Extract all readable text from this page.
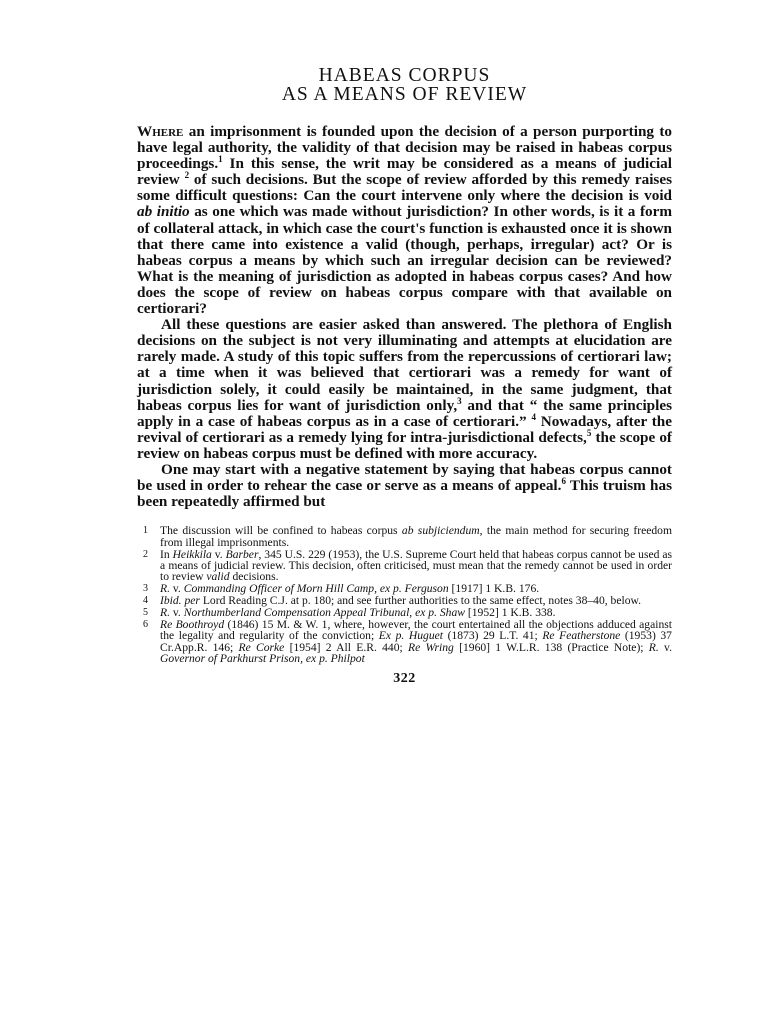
HABEAS CORPUS
AS A MEANS OF REVIEW

Where an imprisonment is founded upon the decision of a person purporting to have legal authority, the validity of that decision may be raised in habeas corpus proceedings.$^1$ In this sense, the writ may be considered as a means of judicial review $^2$ of such decisions. But the scope of review afforded by this remedy raises some difficult questions: Can the court intervene only where the decision is void ab initio as one which was made without jurisdiction? In other words, is it a form of collateral attack, in which case the court's function is exhausted once it is shown that there came into existence a valid (though, perhaps, irregular) act? Or is habeas corpus a means by which such an irregular decision can be reviewed? What is the meaning of jurisdiction as adopted in habeas corpus cases? And how does the scope of review on habeas corpus compare with that available on certiorari?

All these questions are easier asked than answered. The plethora of English decisions on the subject is not very illuminating and attempts at elucidation are rarely made. A study of this topic suffers from the repercussions of certiorari law; at a time when it was believed that certiorari was a remedy for want of jurisdiction solely, it could easily be maintained, in the same judgment, that habeas corpus lies for want of jurisdiction only,$^3$ and that “ the same principles apply in a case of habeas corpus as in a case of certiorari.” $^4$ Nowadays, after the revival of certiorari as a remedy lying for intra-jurisdictional defects,$^5$ the scope of review on habeas corpus must be defined with more accuracy.

One may start with a negative statement by saying that habeas corpus cannot be used in order to rehear the case or serve as a means of appeal.$^6$ This truism has been repeatedly affirmed but

1	The discussion will be confined to habeas corpus ab subjiciendum, the main method for securing freedom from illegal imprisonments.
2	In Heikkila v. Barber, 345 U.S. 229 (1953), the U.S. Supreme Court held that habeas corpus cannot be used as a means of judicial review. This decision, often criticised, must mean that the remedy cannot be used in order to review valid decisions.
3	R. v. Commanding Officer of Morn Hill Camp, ex p. Ferguson [1917] 1 K.B. 176.
4	Ibid. per Lord Reading C.J. at p. 180; and see further authorities to the same effect, notes 38–40, below.
5	R. v. Northumberland Compensation Appeal Tribunal, ex p. Shaw [1952] 1 K.B. 338.
6	Re Boothroyd (1846) 15 M. & W. 1, where, however, the court entertained all the objections adduced against the legality and regularity of the conviction; Ex p. Huguet (1873) 29 L.T. 41; Re Featherstone (1953) 37 Cr.App.R. 146; Re Corke [1954] 2 All E.R. 440; Re Wring [1960] 1 W.L.R. 138 (Practice Note); R. v. Governor of Parkhurst Prison, ex p. Philpot
322
